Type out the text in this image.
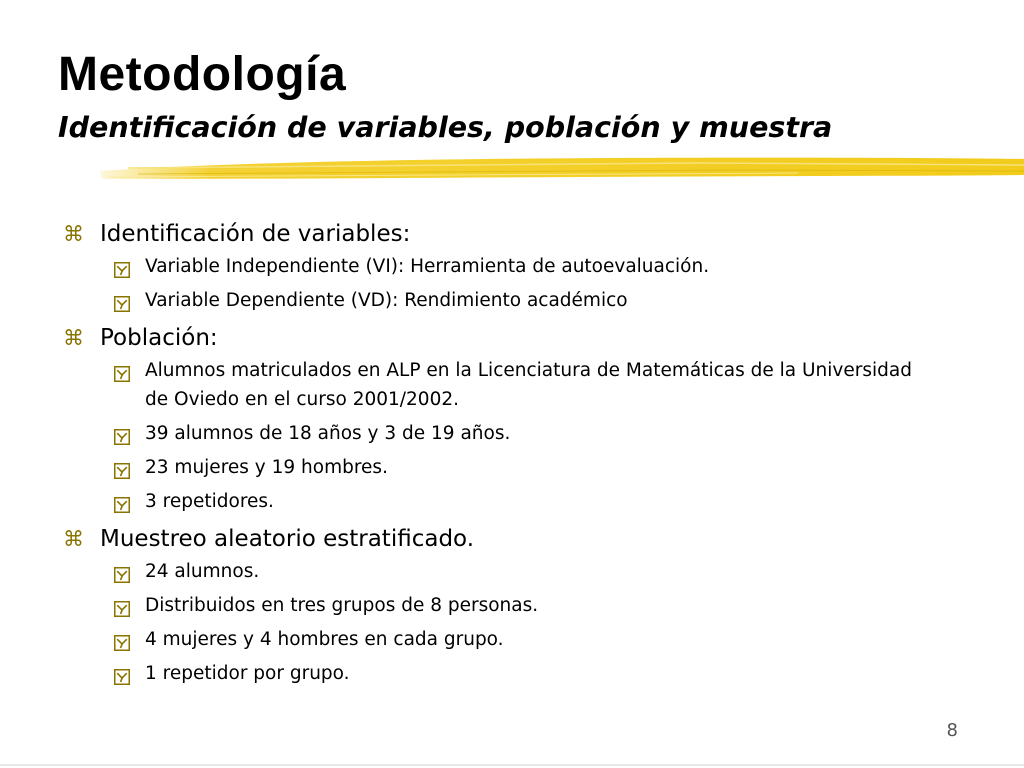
Metodología
Identificación de variables, población y muestra
⌘ Identificación de variables:
Variable Independiente (VI): Herramienta de autoevaluación.
Variable Dependiente (VD): Rendimiento académico
⌘ Población:
Alumnos matriculados en ALP en la Licenciatura de Matemáticas de la Universidad de Oviedo en el curso 2001/2002.
39 alumnos de 18 años y 3 de 19 años.
23 mujeres y 19 hombres.
3 repetidores.
⌘ Muestreo aleatorio estratificado.
24 alumnos.
Distribuidos en tres grupos de 8 personas.
4 mujeres y 4 hombres en cada grupo.
1 repetidor por grupo.
8
